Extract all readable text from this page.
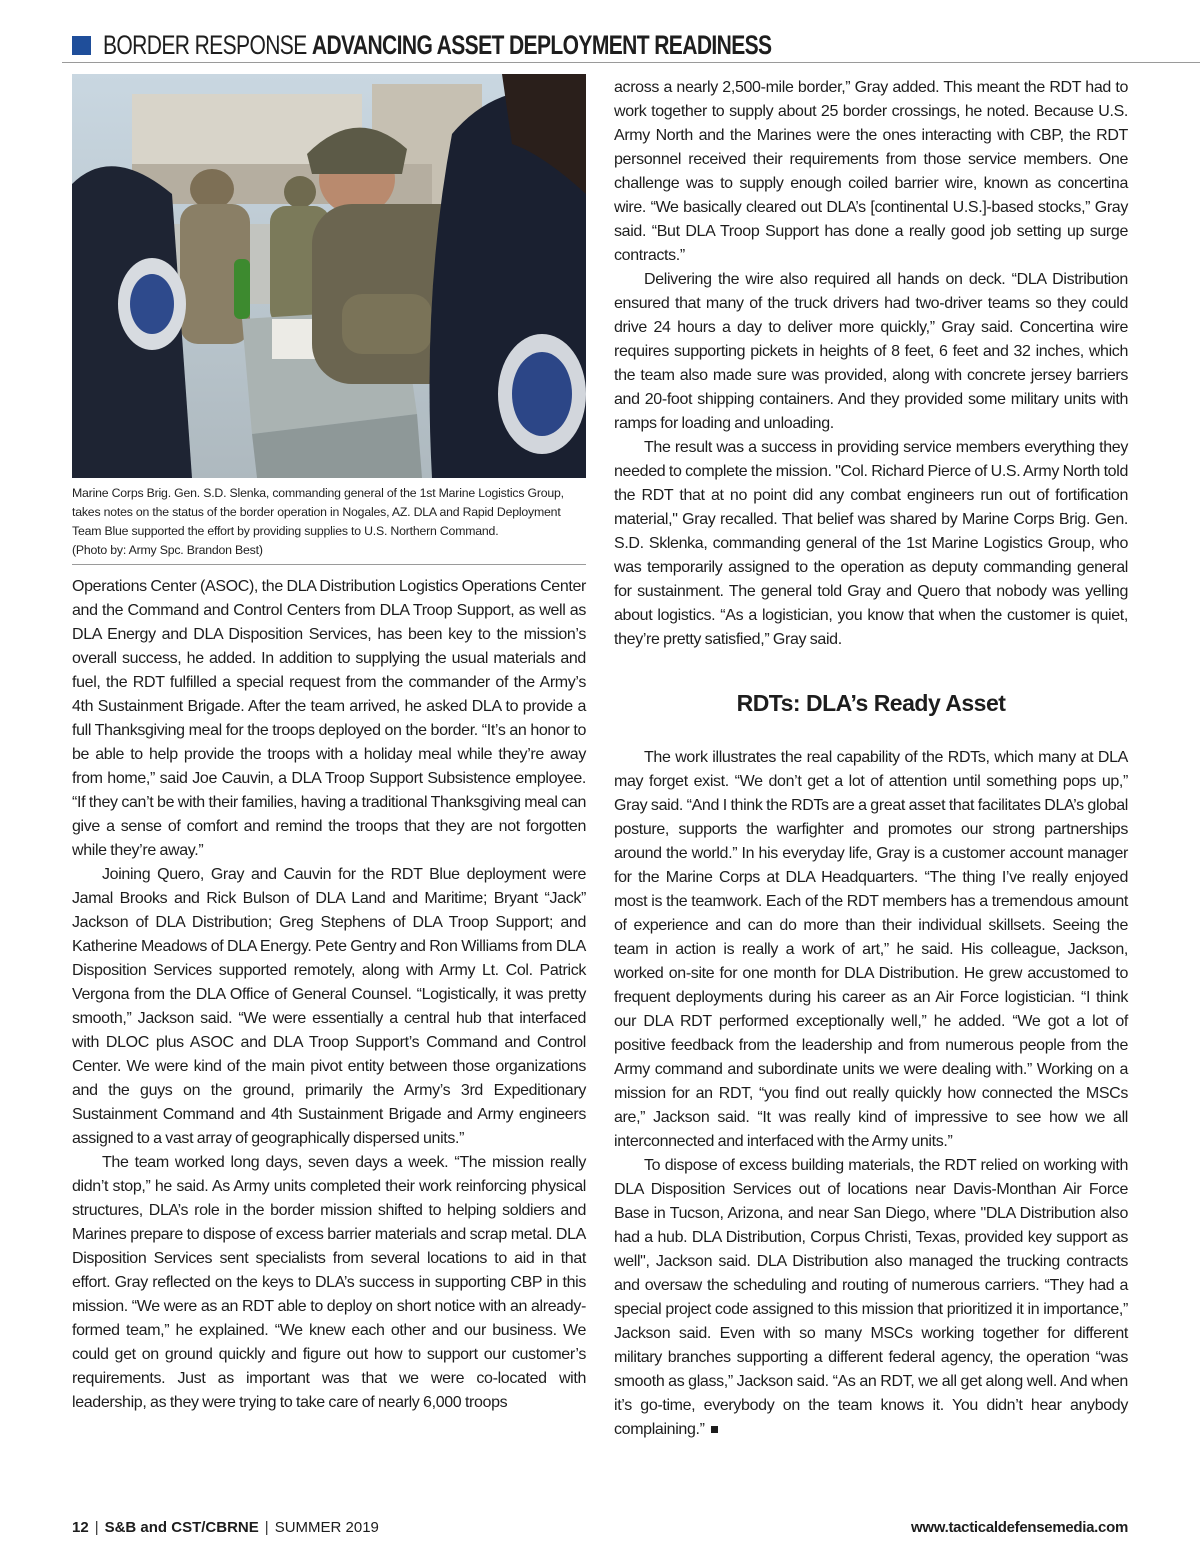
BORDER RESPONSE ADVANCING ASSET DEPLOYMENT READINESS
Marine Corps Brig. Gen. S.D. Slenka, commanding general of the 1st Marine Logistics Group, takes notes on the status of the border operation in Nogales, AZ. DLA and Rapid Deployment Team Blue supported the effort by providing supplies to U.S. Northern Command.
(Photo by: Army Spc. Brandon Best)

Operations Center (ASOC), the DLA Distribution Logistics Operations Center and the Command and Control Centers from DLA Troop Support, as well as DLA Energy and DLA Disposition Services, has been key to the mission’s overall success, he added. In addition to supplying the usual materials and fuel, the RDT fulfilled a special request from the commander of the Army’s 4th Sustainment Brigade. After the team arrived, he asked DLA to provide a full Thanksgiving meal for the troops deployed on the border. “It’s an honor to be able to help provide the troops with a holiday meal while they’re away from home,” said Joe Cauvin, a DLA Troop Support Subsistence employee. “If they can’t be with their families, having a traditional Thanksgiving meal can give a sense of comfort and remind the troops that they are not forgotten while they’re away.”

Joining Quero, Gray and Cauvin for the RDT Blue deployment were Jamal Brooks and Rick Bulson of DLA Land and Maritime; Bryant “Jack” Jackson of DLA Distribution; Greg Stephens of DLA Troop Support; and Katherine Meadows of DLA Energy. Pete Gentry and Ron Williams from DLA Disposition Services supported remotely, along with Army Lt. Col. Patrick Vergona from the DLA Office of General Counsel. “Logistically, it was pretty smooth,” Jackson said. “We were essentially a central hub that interfaced with DLOC plus ASOC and DLA Troop Support’s Command and Control Center. We were kind of the main pivot entity between those organizations and the guys on the ground, primarily the Army’s 3rd Expeditionary Sustainment Command and 4th Sustainment Brigade and Army engineers assigned to a vast array of geographically dispersed units.”

The team worked long days, seven days a week. “The mission really didn’t stop,” he said. As Army units completed their work reinforcing physical structures, DLA’s role in the border mission shifted to helping soldiers and Marines prepare to dispose of excess barrier materials and scrap metal. DLA Disposition Services sent specialists from several locations to aid in that effort. Gray reflected on the keys to DLA’s success in supporting CBP in this mission. “We were as an RDT able to deploy on short notice with an already-formed team,” he explained. “We knew each other and our business. We could get on ground quickly and figure out how to support our customer’s requirements. Just as important was that we were co-located with leadership, as they were trying to take care of nearly 6,000 troops

across a nearly 2,500-mile border,” Gray added. This meant the RDT had to work together to supply about 25 border crossings, he noted. Because U.S. Army North and the Marines were the ones interacting with CBP, the RDT personnel received their requirements from those service members. One challenge was to supply enough coiled barrier wire, known as concertina wire. “We basically cleared out DLA’s [continental U.S.]-based stocks,” Gray said. “But DLA Troop Support has done a really good job setting up surge contracts.”

Delivering the wire also required all hands on deck. “DLA Distribution ensured that many of the truck drivers had two-driver teams so they could drive 24 hours a day to deliver more quickly,” Gray said. Concertina wire requires supporting pickets in heights of 8 feet, 6 feet and 32 inches, which the team also made sure was provided, along with concrete jersey barriers and 20-foot shipping containers. And they provided some military units with ramps for loading and unloading.

The result was a success in providing service members everything they needed to complete the mission. "Col. Richard Pierce of U.S. Army North told the RDT that at no point did any combat engineers run out of fortification material," Gray recalled. That belief was shared by Marine Corps Brig. Gen. S.D. Sklenka, commanding general of the 1st Marine Logistics Group, who was temporarily assigned to the operation as deputy commanding general for sustainment. The general told Gray and Quero that nobody was yelling about logistics. “As a logistician, you know that when the customer is quiet, they’re pretty satisfied,” Gray said.

RDTs: DLA’s Ready Asset

The work illustrates the real capability of the RDTs, which many at DLA may forget exist. “We don’t get a lot of attention until something pops up,” Gray said. “And I think the RDTs are a great asset that facilitates DLA’s global posture, supports the warfighter and promotes our strong partnerships around the world.” In his everyday life, Gray is a customer account manager for the Marine Corps at DLA Headquarters. “The thing I’ve really enjoyed most is the teamwork. Each of the RDT members has a tremendous amount of experience and can do more than their individual skillsets. Seeing the team in action is really a work of art,” he said. His colleague, Jackson, worked on-site for one month for DLA Distribution. He grew accustomed to frequent deployments during his career as an Air Force logistician. “I think our DLA RDT performed exceptionally well,” he added. “We got a lot of positive feedback from the leadership and from numerous people from the Army command and subordinate units we were dealing with.” Working on a mission for an RDT, “you find out really quickly how connected the MSCs are,” Jackson said. “It was really kind of impressive to see how we all interconnected and interfaced with the Army units.”

To dispose of excess building materials, the RDT relied on working with DLA Disposition Services out of locations near Davis-Monthan Air Force Base in Tucson, Arizona, and near San Diego, where "DLA Distribution also had a hub. DLA Distribution, Corpus Christi, Texas, provided key support as well", Jackson said. DLA Distribution also managed the trucking contracts and oversaw the scheduling and routing of numerous carriers. “They had a special project code assigned to this mission that prioritized it in importance,” Jackson said. Even with so many MSCs working together for different military branches supporting a different federal agency, the operation “was smooth as glass,” Jackson said. “As an RDT, we all get along well. And when it’s go-time, everybody on the team knows it. You didn’t hear anybody complaining.”

12 | S&B and CST/CBRNE | SUMMER 2019	www.tacticaldefensemedia.com
